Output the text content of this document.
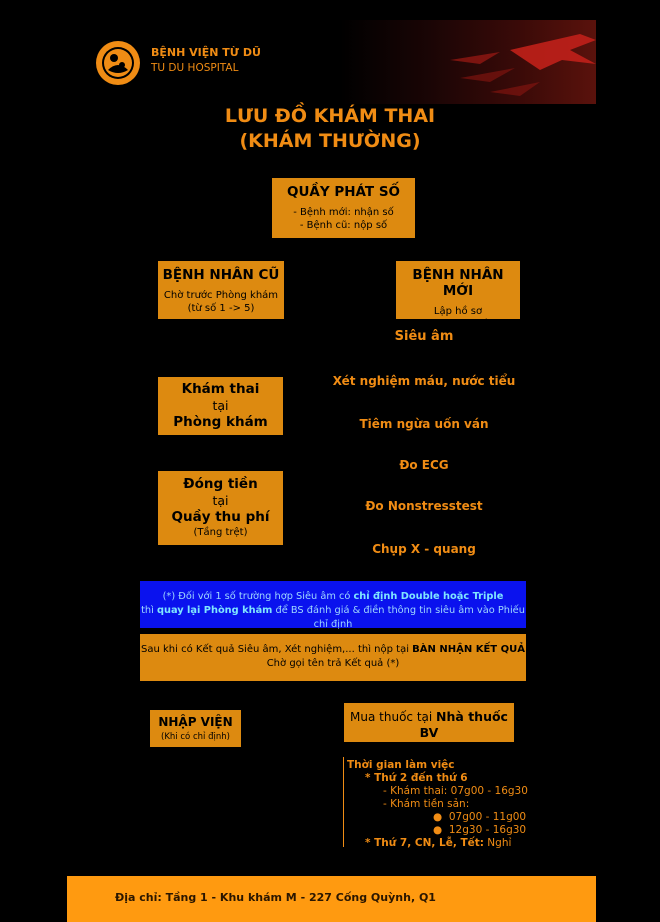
BỆNH VIỆN TỪ DŨ
TU DU HOSPITAL
LƯU ĐỒ KHÁM THAI
(KHÁM THƯỜNG)
QUẦY PHÁT SỐ
- Bệnh mới: nhận số
- Bệnh cũ: nộp số
BỆNH NHÂN CŨ
Chờ trước Phòng khám
(từ số 1 -> 5)
BỆNH NHÂN MỚI
Lập hồ sơ
tại Bàn khai hồ sơ
Khám thai
tại
Phòng khám
Đóng tiền
tại
Quầy thu phí
(Tầng trệt)
Siêu âm
Xét nghiệm máu, nước tiểu
Tiêm ngừa uốn ván
Đo ECG
Đo Nonstresstest
Chụp X - quang
(*) Đối với 1 số trường hợp Siêu âm có chỉ định Double hoặc Triple
thì quay lại Phòng khám để BS đánh giá & điền thông tin siêu âm vào Phiếu chỉ định
Sau khi có Kết quả Siêu âm, Xét nghiệm,... thì nộp tại BÀN NHẬN KẾT QUẢ
Chờ gọi tên trả Kết quả (*)
NHẬP VIỆN
(Khi có chỉ định)
Mua thuốc tại Nhà thuốc BV
(Tầng trệt)
Thời gian làm việc
* Thứ 2 đến thứ 6
- Khám thai: 07g00 - 16g30
- Khám tiền sản:
● 07g00 - 11g00
● 12g30 - 16g30
* Thứ 7, CN, Lễ, Tết: Nghỉ
Địa chỉ: Tầng 1 - Khu khám M - 227 Cống Quỳnh, Q1
